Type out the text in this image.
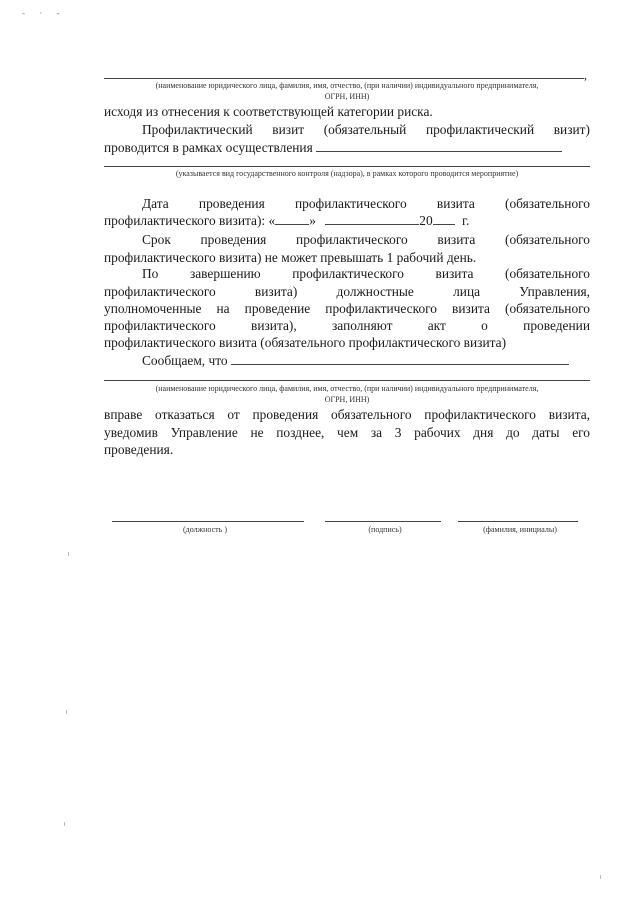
- · -
,
(наименование юридического лица, фамилия, имя, отчество, (при наличии) индивидуального предпринимателя,
ОГРН, ИНН)
исходя из отнесения к соответствующей категории риска.
Профилактический визит (обязательный профилактический визит)
проводится в рамках осуществления
(указывается вид государственного контроля (надзора), в рамках которого проводится мероприятие)
Дата проведения профилактического визита (обязательного
профилактического визита): «	»	20 г.
Срок проведения профилактического визита (обязательного
профилактического визита) не может превышать 1 рабочий день.
По завершению профилактического визита (обязательного
профилактического визита) должностные лица Управления,
уполномоченные на проведение профилактического визита (обязательного
профилактического визита), заполняют акт о проведении
профилактического визита (обязательного профилактического визита)
Сообщаем, что
(наименование юридического лица, фамилия, имя, отчество, (при наличии) индивидуального предпринимателя,
ОГРН, ИНН)
вправе отказаться от проведения обязательного профилактического визита,
уведомив Управление не позднее, чем за 3 рабочих дня до даты его
проведения.
(должность )	(подпись)	(фамилия, инициалы)
